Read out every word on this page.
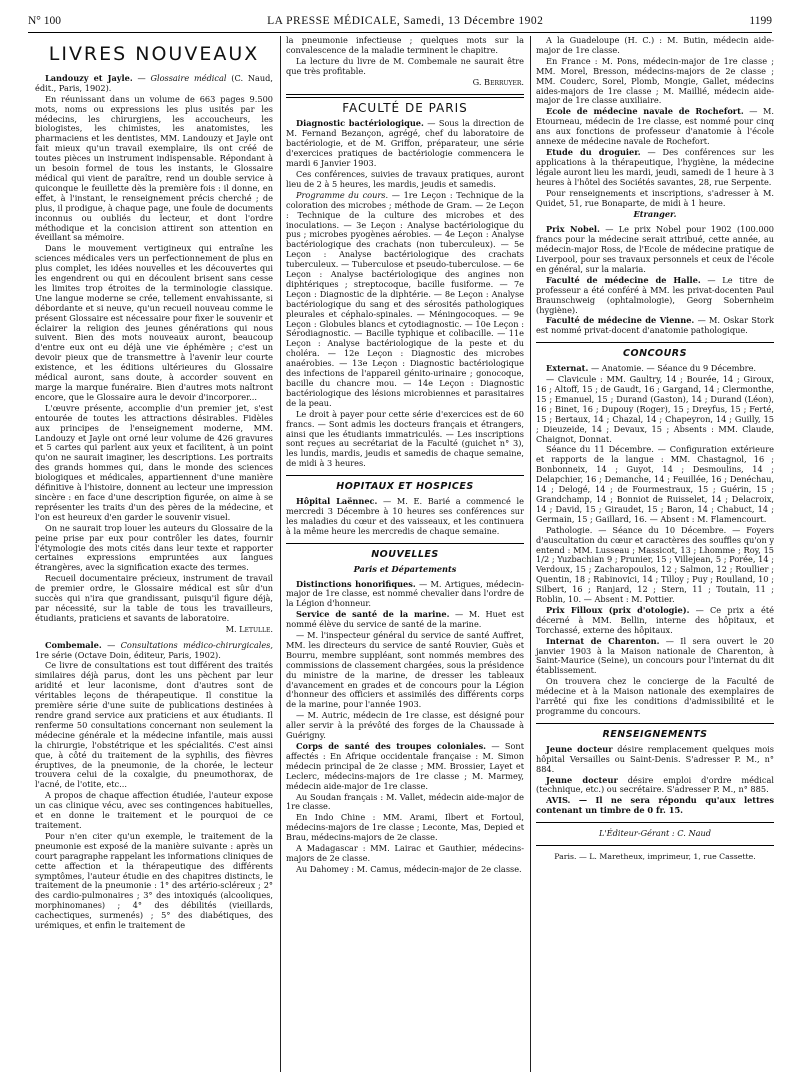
N° 100	LA PRESSE MÉDICALE, Samedi, 13 Décembre 1902	1199
LIVRES NOUVEAUX

Landouzy et Jayle. — Glossaire médical (C. Naud, édit., Paris, 1902).

En réunissant dans un volume de 663 pages 9.500 mots, noms ou expressions les plus usités par les médecins, les chirurgiens, les accoucheurs, les biologistes, les chimistes, les anatomistes, les pharmaciens et les dentistes, MM. Landouzy et Jayle ont fait mieux qu'un travail exemplaire, ils ont créé de toutes pièces un instrument indispensable. Répondant à un besoin formel de tous les instants, le Glossaire médical qui vient de paraître, rend un double service à quiconque le feuillette dès la première fois : il donne, en effet, à l'instant, le renseignement précis cherché ; de plus, il prodigue, à chaque page, une foule de documents inconnus ou oubliés du lecteur, et dont l'ordre méthodique et la concision attirent son attention en éveillant sa mémoire.

Dans le mouvement vertigineux qui entraîne les sciences médicales vers un perfectionnement de plus en plus complet, les idées nouvelles et les découvertes qui les engendrent ou qui en découlent brisent sans cesse les limites trop étroites de la terminologie classique. Une langue moderne se crée, tellement envahissante, si débordante et si neuve, qu'un recueil nouveau comme le présent Glossaire est nécessaire pour fixer le souvenir et éclairer la religion des jeunes générations qui nous suivent. Bien des mots nouveaux auront, beaucoup d'entre eux ont eu déjà une vie éphémère ; c'est un devoir pieux que de transmettre à l'avenir leur courte existence, et les éditions ultérieures du Glossaire médical auront, sans doute, à accorder souvent en marge la marque funéraire. Bien d'autres mots naîtront encore, que le Glossaire aura le devoir d'incorporer...

L'œuvre présente, accomplie d'un premier jet, s'est entourée de toutes les attractions désirables. Fidèles aux principes de l'enseignement moderne, MM. Landouzy et Jayle ont orné leur volume de 426 gravures et 5 cartes qui parlent aux yeux et facilitent, à un point qu'on ne saurait imaginer, les descriptions. Les portraits des grands hommes qui, dans le monde des sciences biologiques et médicales, appartiennent d'une manière définitive à l'histoire, donnent au lecteur une impression sincère : en face d'une description figurée, on aime à se représenter les traits d'un des pères de la médecine, et l'on est heureux d'en garder le souvenir visuel.

On ne saurait trop louer les auteurs du Glossaire de la peine prise par eux pour contrôler les dates, fournir l'étymologie des mots cités dans leur texte et rapporter certaines expressions empruntées aux langues étrangères, avec la signification exacte des termes.

Recueil documentaire précieux, instrument de travail de premier ordre, le Glossaire médical est sûr d'un succès qui n'ira que grandissant, puisqu'il figure déjà, par nécessité, sur la table de tous les travailleurs, étudiants, praticiens et savants de laboratoire.

M. Letulle.

Combemale. — Consultations médico-chirurgicales, 1re série (Octave Doin, éditeur, Paris, 1902).

Ce livre de consultations est tout différent des traités similaires déjà parus, dont les uns pèchent par leur aridité et leur laconisme, dont d'autres sont de véritables leçons de thérapeutique. Il constitue la première série d'une suite de publications destinées à rendre grand service aux praticiens et aux étudiants. Il renferme 50 consultations concernant non seulement la médecine générale et la médecine infantile, mais aussi la chirurgie, l'obstétrique et les spécialités. C'est ainsi que, à côté du traitement de la syphilis, des fièvres éruptives, de la pneumonie, de la chorée, le lecteur trouvera celui de la coxalgie, du pneumothorax, de l'acné, de l'otite, etc...

A propos de chaque affection étudiée, l'auteur expose un cas clinique vécu, avec ses contingences habituelles, et en donne le traitement et le pourquoi de ce traitement.

Pour n'en citer qu'un exemple, le traitement de la pneumonie est exposé de la manière suivante : après un court paragraphe rappelant les informations cliniques de cette affection et la thérapeutique des différents symptômes, l'auteur étudie en des chapitres distincts, le traitement de la pneumonie : 1° des artério-scléreux ; 2° des cardio-pulmonaires ; 3° des intoxiqués (alcooliques, morphinomanes) ; 4° des débilités (vieillards, cachectiques, surmenés) ; 5° des diabétiques, des urémiques, et enfin le traitement de

la pneumonie infectieuse ; quelques mots sur la convalescence de la maladie terminent le chapitre.

La lecture du livre de M. Combemale ne saurait être que très profitable.

G. Berruyer.
FACULTÉ DE PARIS

Diagnostic bactériologique. — Sous la direction de M. Fernand Bezançon, agrégé, chef du laboratoire de bactériologie, et de M. Griffon, préparateur, une série d'exercices pratiques de bactériologie commencera le mardi 6 Janvier 1903.

Ces conférences, suivies de travaux pratiques, auront lieu de 2 à 5 heures, les mardis, jeudis et samedis.

Programme du cours. — 1re Leçon : Technique de la coloration des microbes ; méthode de Gram. — 2e Leçon : Technique de la culture des microbes et des inoculations. — 3e Leçon : Analyse bactériologique du pus ; microbes pyogènes aérobies. — 4e Leçon : Analyse bactériologique des crachats (non tuberculeux). — 5e Leçon : Analyse bactériologique des crachats tuberculeux. — Tuberculose et pseudo-tuberculose. — 6e Leçon : Analyse bactériologique des angines non diphtériques ; streptocoque, bacille fusiforme. — 7e Leçon : Diagnostic de la diphtérie. — 8e Leçon : Analyse bactériologique du sang et des sérosités pathologiques pleurales et céphalo-spinales. — Méningocoques. — 9e Leçon : Globules blancs et cytodiagnostic. — 10e Leçon : Sérodiagnostic. — Bacille typhique et colibacille. — 11e Leçon : Analyse bactériologique de la peste et du choléra. — 12e Leçon : Diagnostic des microbes anaérobies. — 13e Leçon : Diagnostic bactériologique des infections de l'appareil génito-urinaire ; gonocoque, bacille du chancre mou. — 14e Leçon : Diagnostic bactériologique des lésions microbiennes et parasitaires de la peau.

Le droit à payer pour cette série d'exercices est de 60 francs. — Sont admis les docteurs français et étrangers, ainsi que les étudiants immatriculés. — Les inscriptions sont reçues au secrétariat de la Faculté (guichet n° 3), les lundis, mardis, jeudis et samedis de chaque semaine, de midi à 3 heures.

HOPITAUX ET HOSPICES

Hôpital Laënnec. — M. E. Barié a commencé le mercredi 3 Décembre à 10 heures ses conférences sur les maladies du cœur et des vaisseaux, et les continuera à la même heure les mercredis de chaque semaine.

NOUVELLES
Paris et Départements

Distinctions honorifiques. — M. Artigues, médecin-major de 1re classe, est nommé chevalier dans l'ordre de la Légion d'honneur.

Service de santé de la marine. — M. Huet est nommé élève du service de santé de la marine.

— M. l'inspecteur général du service de santé Auffret, MM. les directeurs du service de santé Rouvier, Guès et Bourru, membre suppléant, sont nommés membres des commissions de classement chargées, sous la présidence du ministre de la marine, de dresser les tableaux d'avancement en grades et de concours pour la Légion d'honneur des officiers et assimilés des différents corps de la marine, pour l'année 1903.

— M. Autric, médecin de 1re classe, est désigné pour aller servir à la prévôté des forges de la Chaussade à Guérigny.

Corps de santé des troupes coloniales. — Sont affectés : En Afrique occidentale française : M. Simon médecin principal de 2e classe ; MM. Brossier, Layet et Leclerc, médecins-majors de 1re classe ; M. Marmey, médecin aide-major de 1re classe.

Au Soudan français : M. Vallet, médecin aide-major de 1re classe.

En Indo Chine : MM. Arami, Ilbert et Fortoul, médecins-majors de 1re classe ; Leconte, Mas, Depied et Brau, médecins-majors de 2e classe.

A Madagascar : MM. Lairac et Gauthier, médecins-majors de 2e classe.

Au Dahomey : M. Camus, médecin-major de 2e classe.

A la Guadeloupe (H. C.) : M. Butin, médecin aide-major de 1re classe.

En France : M. Pons, médecin-major de 1re classe ; MM. Morel, Bresson, médecins-majors de 2e classe ; MM. Couderc, Sorel, Plomb, Mongie, Gallet, médecins aides-majors de 1re classe ; M. Maillié, médecin aide-major de 1re classe auxiliaire.

Ecole de médecine navale de Rochefort. — M. Etourneau, médecin de 1re classe, est nommé pour cinq ans aux fonctions de professeur d'anatomie à l'école annexe de médecine navale de Rochefort.

Etude du droguier. — Des conférences sur les applications à la thérapeutique, l'hygiène, la médecine légale auront lieu les mardi, jeudi, samedi de 1 heure à 3 heures à l'hôtel des Sociétés savantes, 28, rue Serpente.

Pour renseignements et inscriptions, s'adresser à M. Quidet, 51, rue Bonaparte, de midi à 1 heure.

Etranger.

Prix Nobel. — Le prix Nobel pour 1902 (100.000 francs pour la médecine serait attribué, cette année, au médecin-major Ross, de l'Ecole de médecine pratique de Liverpool, pour ses travaux personnels et ceux de l'école en général, sur la malaria.

Faculté de médecine de Halle. — Le titre de professeur a été conféré à MM. les privat-docenten Paul Braunschweig (ophtalmologie), Georg Sobernheim (hygiène).

Faculté de médecine de Vienne. — M. Oskar Stork est nommé privat-docent d'anatomie pathologique.

CONCOURS

Externat. — Anatomie. — Séance du 9 Décembre.

— Clavicule : MM. Gaultry, 14 ; Bourée, 14 ; Giroux, 16 ; Altoff, 15 ; de Gaudt, 16 ; Gargand, 14 ; Clermonthe, 15 ; Emanuel, 15 ; Durand (Gaston), 14 ; Durand (Léon), 16 ; Binet, 16 ; Dupouy (Roger), 15 ; Dreyfus, 15 ; Ferté, 15 ; Bertaux, 14 ; Chazal, 14 ; Chapeyron, 14 ; Guilly, 15 ; Dieuzeide, 14 ; Devaux, 15 ; Absents : MM. Claude, Chaignot, Donnat.

Séance du 11 Décembre. — Configuration extérieure et rapports de la langue : MM. Chastagnol, 16 ; Bonbonneix, 14 ; Guyot, 14 ; Desmoulins, 14 ; Delapchier, 16 ; Demanche, 14 ; Feuillée, 16 ; Denéchau, 14 ; Delogé, 14 ; de Fourmestraux, 15 ; Guérin, 15 ; Grandchamp, 14 ; Bonniot de Ruisselet, 14 ; Delacroix, 14 ; David, 15 ; Giraudet, 15 ; Baron, 14 ; Chabuct, 14 ; Germain, 15 ; Gaillard, 16. — Absent : M. Flamencourt.

Pathologie. — Séance du 10 Décembre. — Foyers d'auscultation du cœur et caractères des souffles qu'on y entend : MM. Lusseau ; Massicot, 13 ; Lhomme ; Roy, 15 1/2 ; Yuzbachian 9 ; Prunier, 15 ; Villejean, 5 ; Porée, 14 ; Verdoux, 15 ; Zacharopoulos, 12 ; Salmon, 12 ; Roullier ; Quentin, 18 ; Rabinovici, 14 ; Tilloy ; Puy ; Roulland, 10 ; Silbert, 16 ; Ranjard, 12 ; Stern, 11 ; Toutain, 11 ; Roblin, 10. — Absent : M. Pottier.

Prix Filloux (prix d'otologie). — Ce prix a été décerné à MM. Bellin, interne des hôpitaux, et Torchassé, externe des hôpitaux.

Internat de Charenton. — Il sera ouvert le 20 janvier 1903 à la Maison nationale de Charenton, à Saint-Maurice (Seine), un concours pour l'internat du dit établissement.

On trouvera chez le concierge de la Faculté de médecine et à la Maison nationale des exemplaires de l'arrêté qui fixe les conditions d'admissibilité et le programme du concours.

RENSEIGNEMENTS

Jeune docteur désire remplacement quelques mois hôpital Versailles ou Saint-Denis. S'adresser P. M., n° 884.

Jeune docteur désire emploi d'ordre médical (technique, etc.) ou secrétaire. S'adresser P. M., n° 885.

AVIS. — Il ne sera répondu qu'aux lettres contenant un timbre de 0 fr. 15.

L'Éditeur-Gérant : C. Naud
Paris. — L. Maretheux, imprimeur, 1, rue Cassette.
